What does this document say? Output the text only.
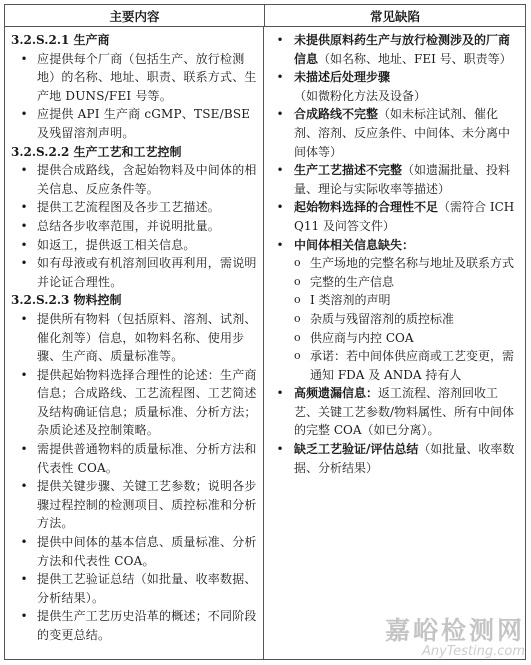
主要内容	常见缺陷
3.2.S.2.1 生产商
• 应提供每个厂商（包括生产、放行检测地）的名称、地址、职责、联系方式、生产地 DUNS/FEI 号等。
• 应提供 API 生产商 cGMP、TSE/BSE 及残留溶剂声明。
3.2.S.2.2 生产工艺和工艺控制
• 提供合成路线，含起始物料及中间体的相关信息、反应条件等。
• 提供工艺流程图及各步工艺描述。
• 总结各步收率范围，并说明批量。
• 如返工，提供返工相关信息。
• 如有母液或有机溶剂回收再利用，需说明并论证合理性。
3.2.S.2.3 物料控制
• 提供所有物料（包括原料、溶剂、试剂、催化剂等）信息，如物料名称、使用步骤、生产商、质量标准等。
• 提供起始物料选择合理性的论述：生产商信息；合成路线、工艺流程图、工艺简述及结构确证信息；质量标准、分析方法；杂质论述及控制策略。
• 需提供普通物料的质量标准、分析方法和代表性 COA。
• 提供关键步骤、关键工艺参数；说明各步骤过程控制的检测项目、质控标准和分析方法。
• 提供中间体的基本信息、质量标准、分析方法和代表性 COA。
• 提供工艺验证总结（如批量、收率数据、分析结果）。
• 提供生产工艺历史沿革的概述；不同阶段的变更总结。
• 未提供原料药生产与放行检测涉及的厂商信息（如名称、地址、FEI 号、职责等）
• 未描述后处理步骤（如微粉化方法及设备）
• 合成路线不完整（如未标注试剂、催化剂、溶剂、反应条件、中间体、未分离中间体等）
• 生产工艺描述不完整（如遗漏批量、投料量、理论与实际收率等描述）
• 起始物料选择的合理性不足（需符合 ICH Q11 及问答文件）
• 中间体相关信息缺失：
o 生产场地的完整名称与地址及联系方式
o 完整的生产信息
o I 类溶剂的声明
o 杂质与残留溶剂的质控标准
o 供应商与内控 COA
o 承诺：若中间体供应商或工艺变更，需通知 FDA 及 ANDA 持有人
• 高频遗漏信息：返工流程、溶剂回收工艺、关键工艺参数/物料属性、所有中间体的完整 COA（如已分离）。
• 缺乏工艺验证/评估总结（如批量、收率数据、分析结果）
嘉峪检测网
AnyTesting.com
